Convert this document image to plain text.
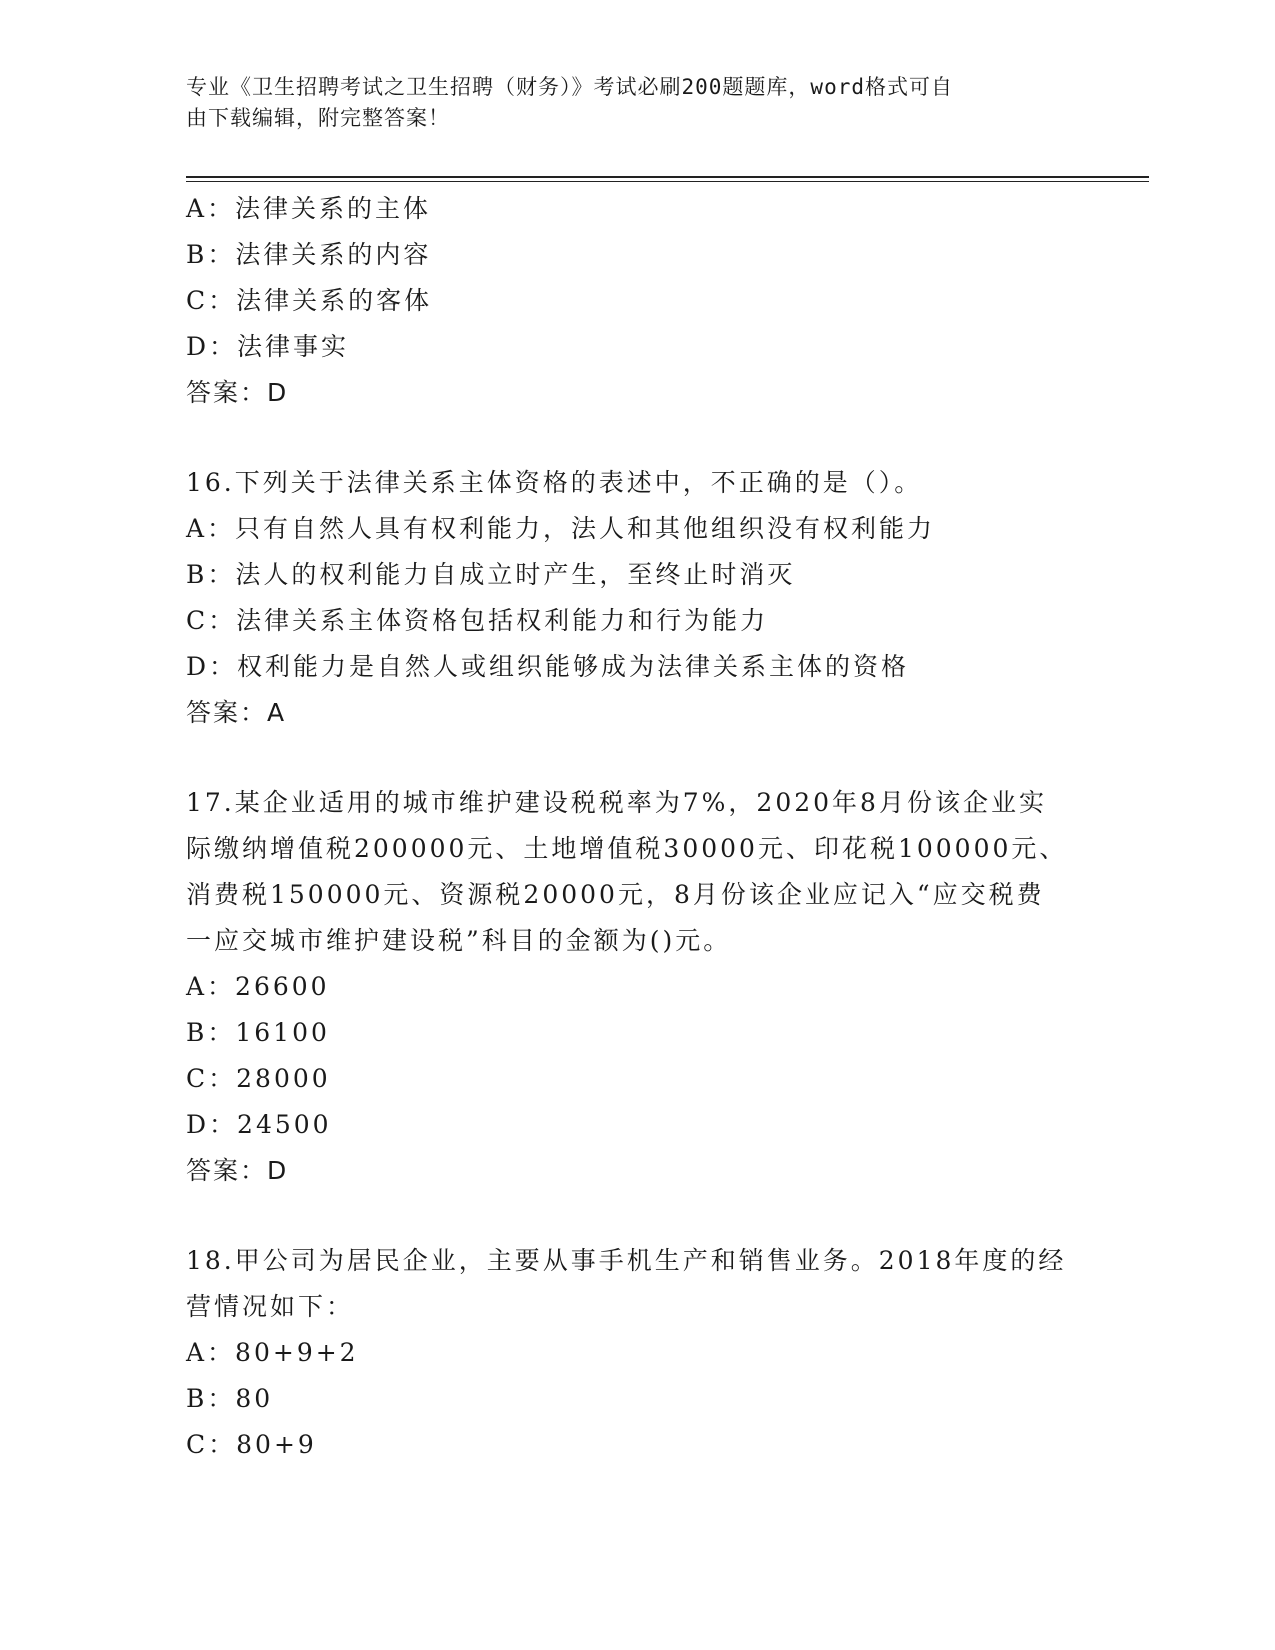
专业《卫生招聘考试之卫生招聘（财务）》考试必刷200题题库，word格式可自
由下载编辑，附完整答案！
A：法律关系的主体
B：法律关系的内容
C：法律关系的客体
D：法律事实
答案：D
16.下列关于法律关系主体资格的表述中，不正确的是（）。
A：只有自然人具有权利能力，法人和其他组织没有权利能力
B：法人的权利能力自成立时产生，至终止时消灭
C：法律关系主体资格包括权利能力和行为能力
D：权利能力是自然人或组织能够成为法律关系主体的资格
答案：A
17.某企业适用的城市维护建设税税率为7%，2020年8月份该企业实
际缴纳增值税200000元、土地增值税30000元、印花税100000元、
消费税150000元、资源税20000元，8月份该企业应记入“应交税费
一应交城市维护建设税”科目的金额为()元。
A：26600
B：16100
C：28000
D：24500
答案：D
18.甲公司为居民企业，主要从事手机生产和销售业务。2018年度的经
营情况如下：
A：80+9+2
B：80
C：80+9
